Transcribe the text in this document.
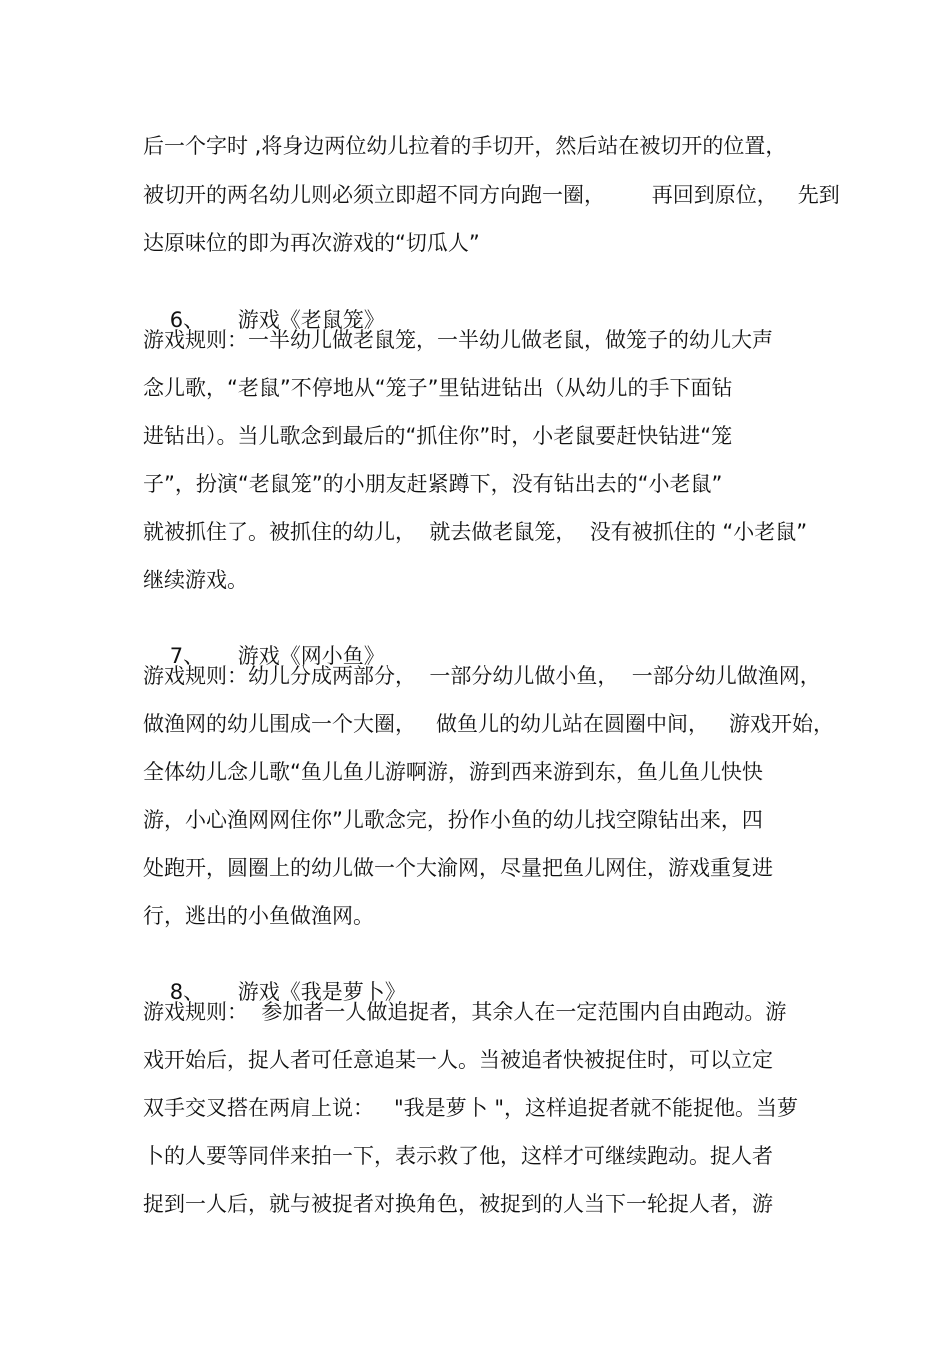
后一个字时 ,将身边两位幼儿拉着的手切开，然后站在被切开的位置，
被切开的两名幼儿则必须立即超不同方向跑一圈，       再回到原位，   先到
达原味位的即为再次游戏的“切瓜人”

6、 游戏《老鼠笼》

游戏规则：一半幼儿做老鼠笼，一半幼儿做老鼠，做笼子的幼儿大声
念儿歌，“老鼠”不停地从“笼子”里钻进钻出（从幼儿的手下面钻
进钻出）。当儿歌念到最后的“抓住你”时，小老鼠要赶快钻进“笼
子”，扮演“老鼠笼”的小朋友赶紧蹲下，没有钻出去的“小老鼠”
就被抓住了。被抓住的幼儿，  就去做老鼠笼，  没有被抓住的 “小老鼠”
继续游戏。

7、 游戏《网小鱼》

游戏规则：幼儿分成两部分，  一部分幼儿做小鱼，  一部分幼儿做渔网，
做渔网的幼儿围成一个大圈，   做鱼儿的幼儿站在圆圈中间，   游戏开始，
全体幼儿念儿歌“鱼儿鱼儿游啊游，游到西来游到东，鱼儿鱼儿快快
游，小心渔网网住你”儿歌念完，扮作小鱼的幼儿找空隙钻出来，四
处跑开，圆圈上的幼儿做一个大渝网，尽量把鱼儿网住，游戏重复进
行，逃出的小鱼做渔网。

8、 游戏《我是萝卜》

游戏规则：  参加者一人做追捉者，其余人在一定范围内自由跑动。游
戏开始后，捉人者可任意追某一人。当被追者快被捉住时，可以立定
双手交叉搭在两肩上说：   "我是萝卜 "，这样追捉者就不能捉他。当萝
卜的人要等同伴来拍一下，表示救了他，这样才可继续跑动。捉人者
捉到一人后，就与被捉者对换角色，被捉到的人当下一轮捉人者，游
